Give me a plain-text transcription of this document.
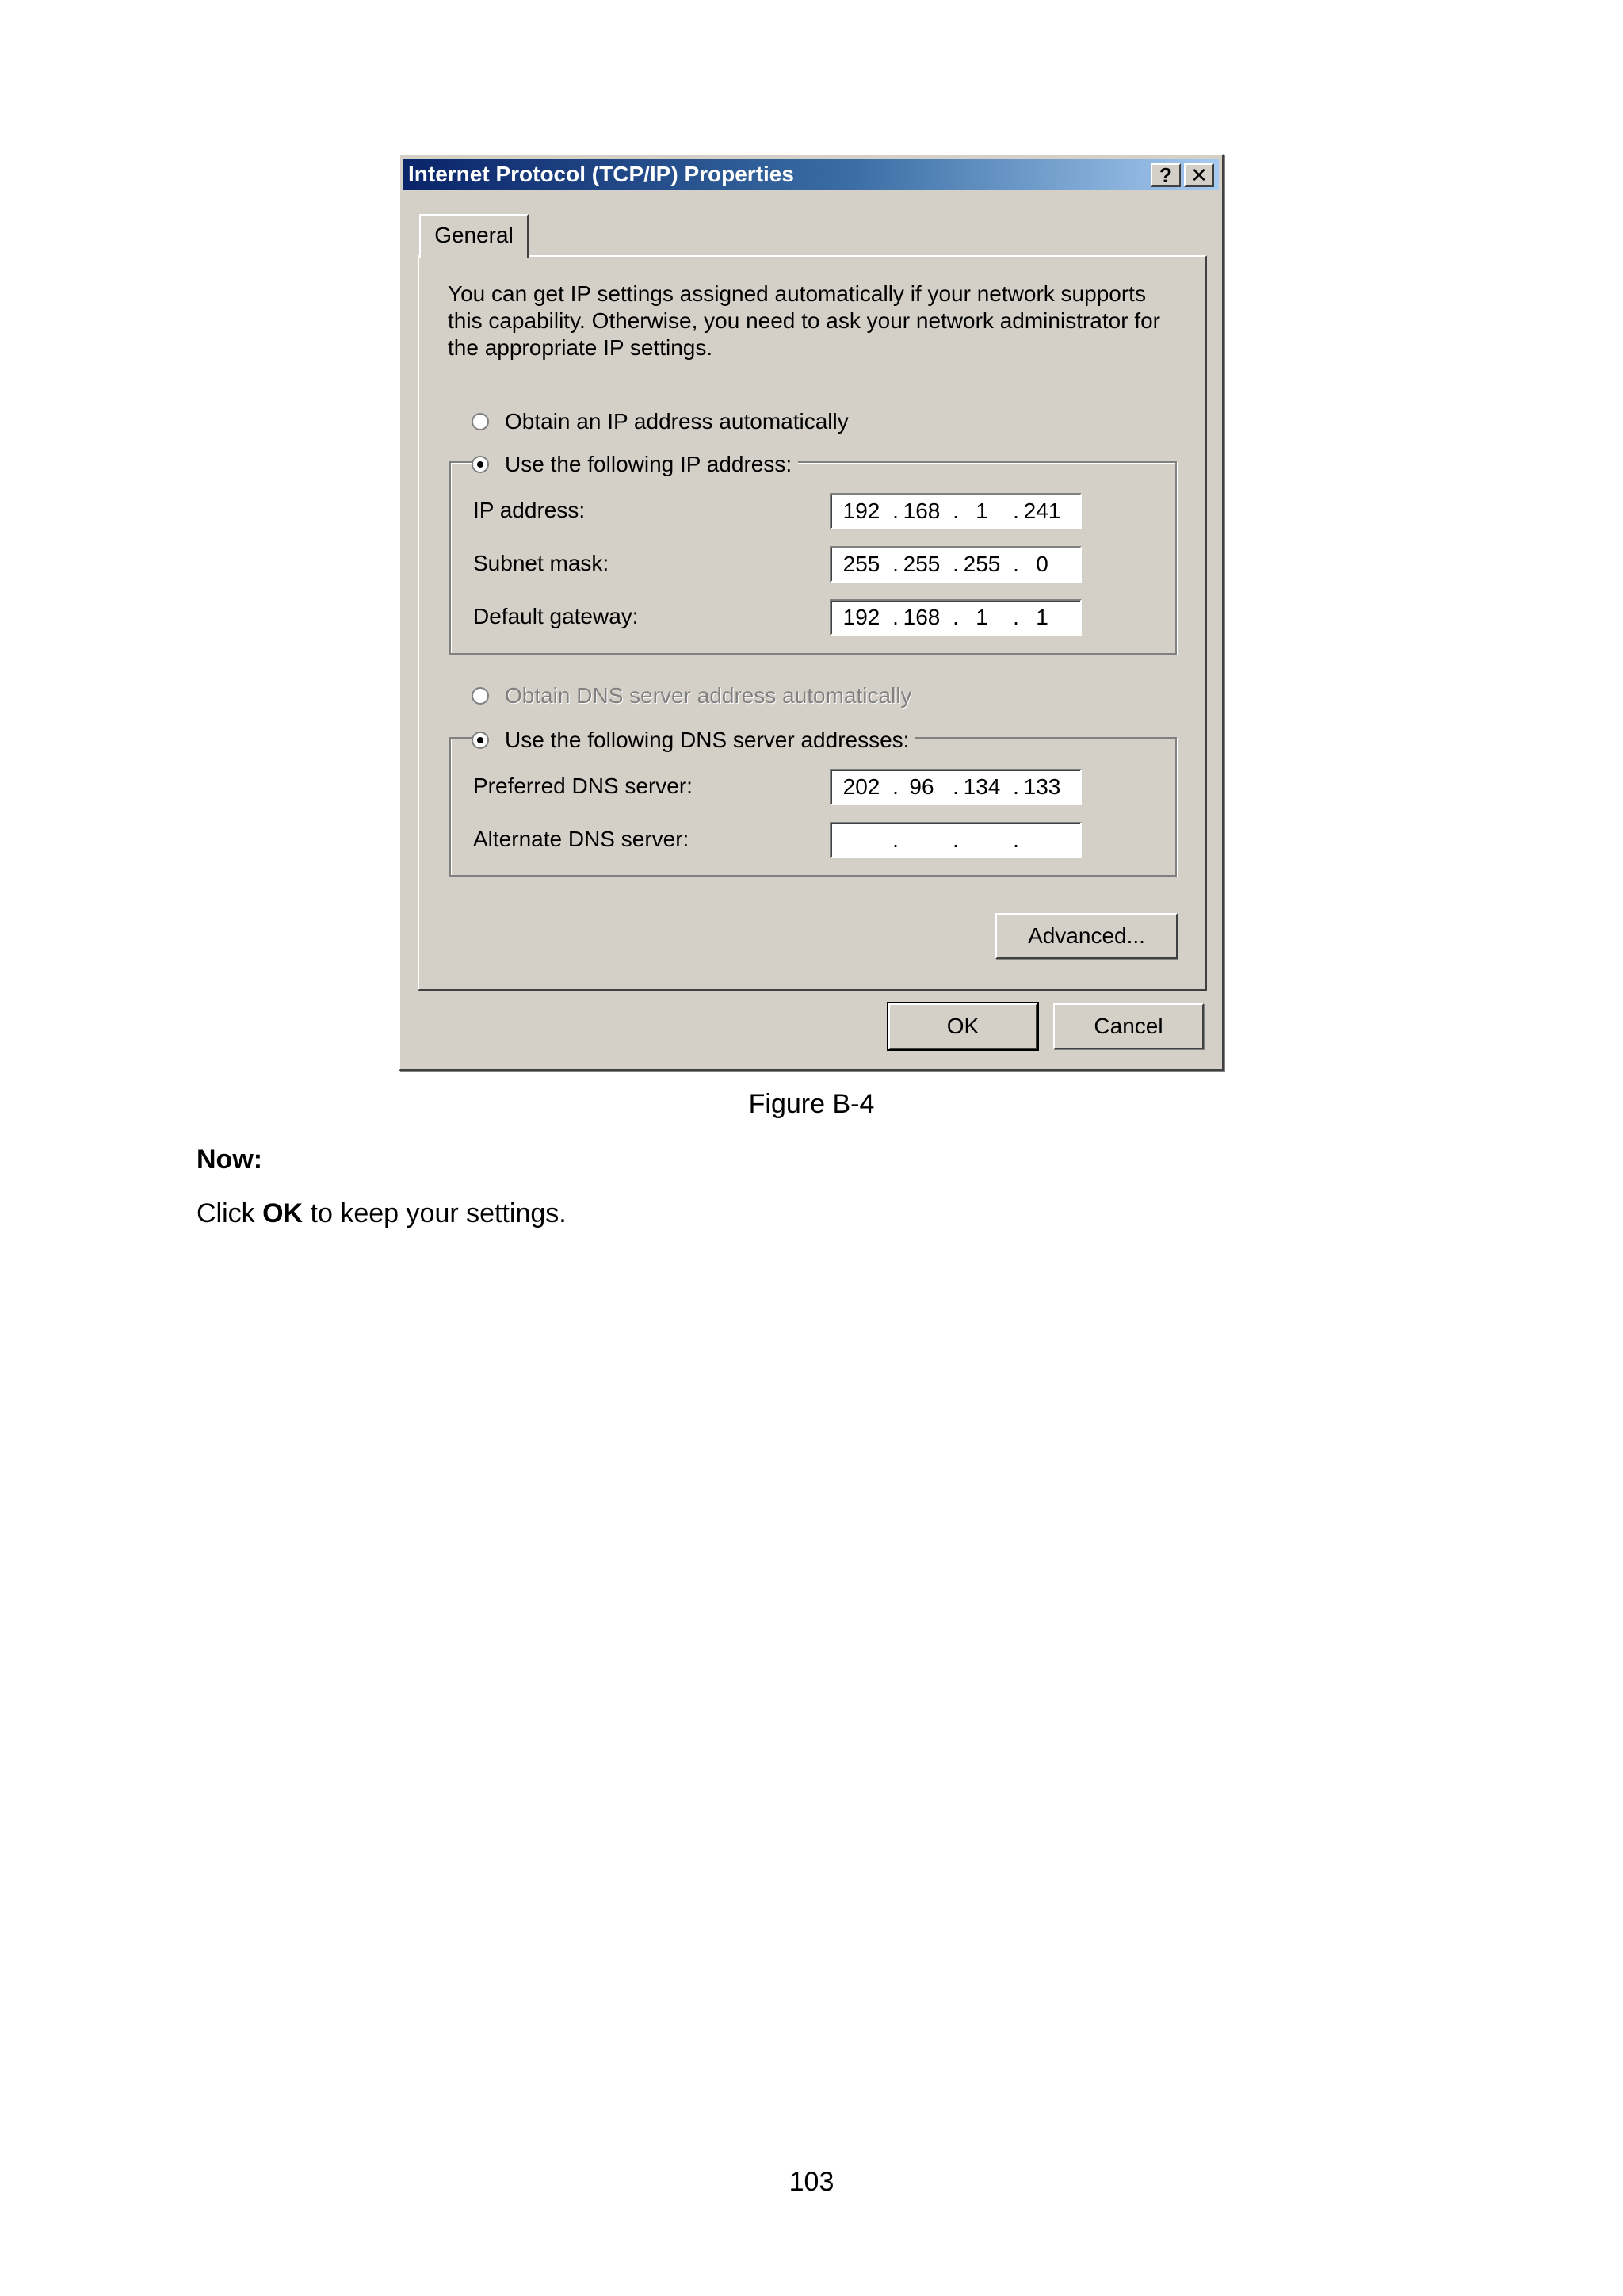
Internet Protocol (TCP/IP) Properties	? ✕
General

You can get IP settings assigned automatically if your network supports this capability. Otherwise, you need to ask your network administrator for the appropriate IP settings.

Obtain an IP address automatically
Use the following IP address:
IP address:	192 . 168 . 1	. 241
Subnet mask:	255 . 255 . 255 . 0
Default gateway:	192 . 168 . 1	. 1
Obtain DNS server address automatically
Use the following DNS server addresses:
Preferred DNS server:	202 . 96 . 134 . 133
Alternate DNS server:	. . .
Advanced...
OK	Cancel
Figure B-4
Now:
Click OK to keep your settings.
103
